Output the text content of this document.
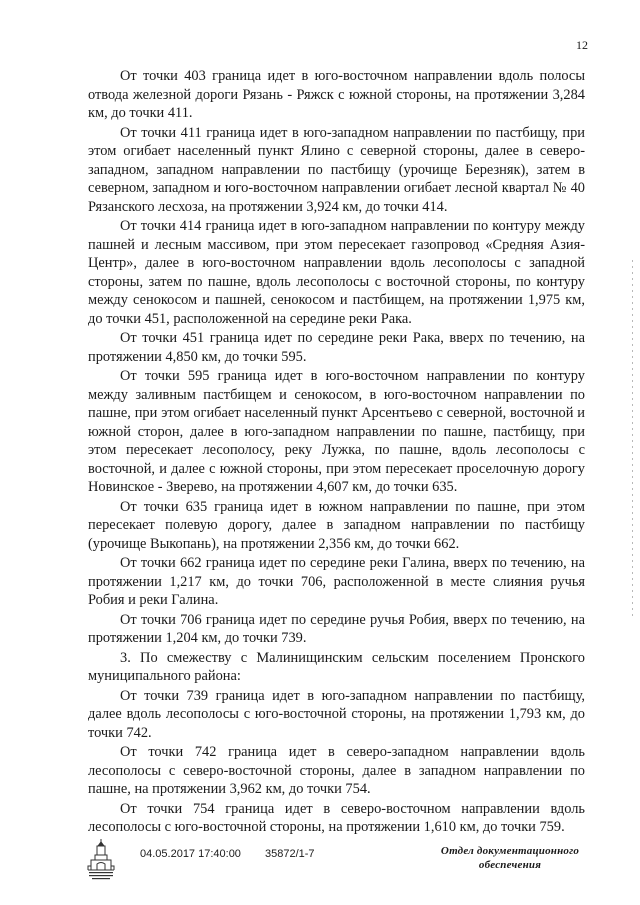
12

От точки 403 граница идет в юго-восточном направлении вдоль полосы отвода железной дороги Рязань - Ряжск с южной стороны, на протяжении 3,284 км, до точки 411.

От точки 411 граница идет в юго-западном направлении по пастбищу, при этом огибает населенный пункт Ялино с северной стороны, далее в северо-западном, западном направлении по пастбищу (урочище Березняк), затем в северном, западном и юго-восточном направлении огибает лесной квартал № 40 Рязанского лесхоза, на протяжении 3,924 км, до точки 414.

От точки 414 граница идет в юго-западном направлении по контуру между пашней и лесным массивом, при этом пересекает газопровод «Средняя Азия-Центр», далее в юго-восточном направлении вдоль лесополосы с западной стороны, затем по пашне, вдоль лесополосы с восточной стороны, по контуру между сенокосом и пашней, сенокосом и пастбищем, на протяжении 1,975 км, до точки 451, расположенной на середине реки Рака.

От точки 451 граница идет по середине реки Рака, вверх по течению, на протяжении 4,850 км, до точки 595.

От точки 595 граница идет в юго-восточном направлении по контуру между заливным пастбищем и сенокосом, в юго-восточном направлении по пашне, при этом огибает населенный пункт Арсентьево с северной, восточной и южной сторон, далее в юго-западном направлении по пашне, пастбищу, при этом пересекает лесополосу, реку Лужка, по пашне, вдоль лесополосы с восточной, и далее с южной стороны, при этом пересекает проселочную дорогу Новинское - Зверево, на протяжении 4,607 км, до точки 635.

От точки 635 граница идет в южном направлении по пашне, при этом пересекает полевую дорогу, далее в западном направлении по пастбищу (урочище Выкопань), на протяжении 2,356 км, до точки 662.

От точки 662 граница идет по середине реки Галина, вверх по течению, на протяжении 1,217 км, до точки 706, расположенной в месте слияния ручья Робия и реки Галина.

От точки 706 граница идет по середине ручья Робия, вверх по течению, на протяжении 1,204 км, до точки 739.

3. По смежеству с Малинищинским сельским поселением Пронского муниципального района:

От точки 739 граница идет в юго-западном направлении по пастбищу, далее вдоль лесополосы с юго-восточной стороны, на протяжении 1,793 км, до точки 742.

От точки 742 граница идет в северо-западном направлении вдоль лесополосы с северо-восточной стороны, далее в западном направлении по пашне, на протяжении 3,962 км, до точки 754.

От точки 754 граница идет в северо-восточном направлении вдоль лесополосы с юго-восточной стороны, на протяжении 1,610 км, до точки 759.

04.05.2017 17:40:00 35872/1-7	Отдел документационного
обеспечения
